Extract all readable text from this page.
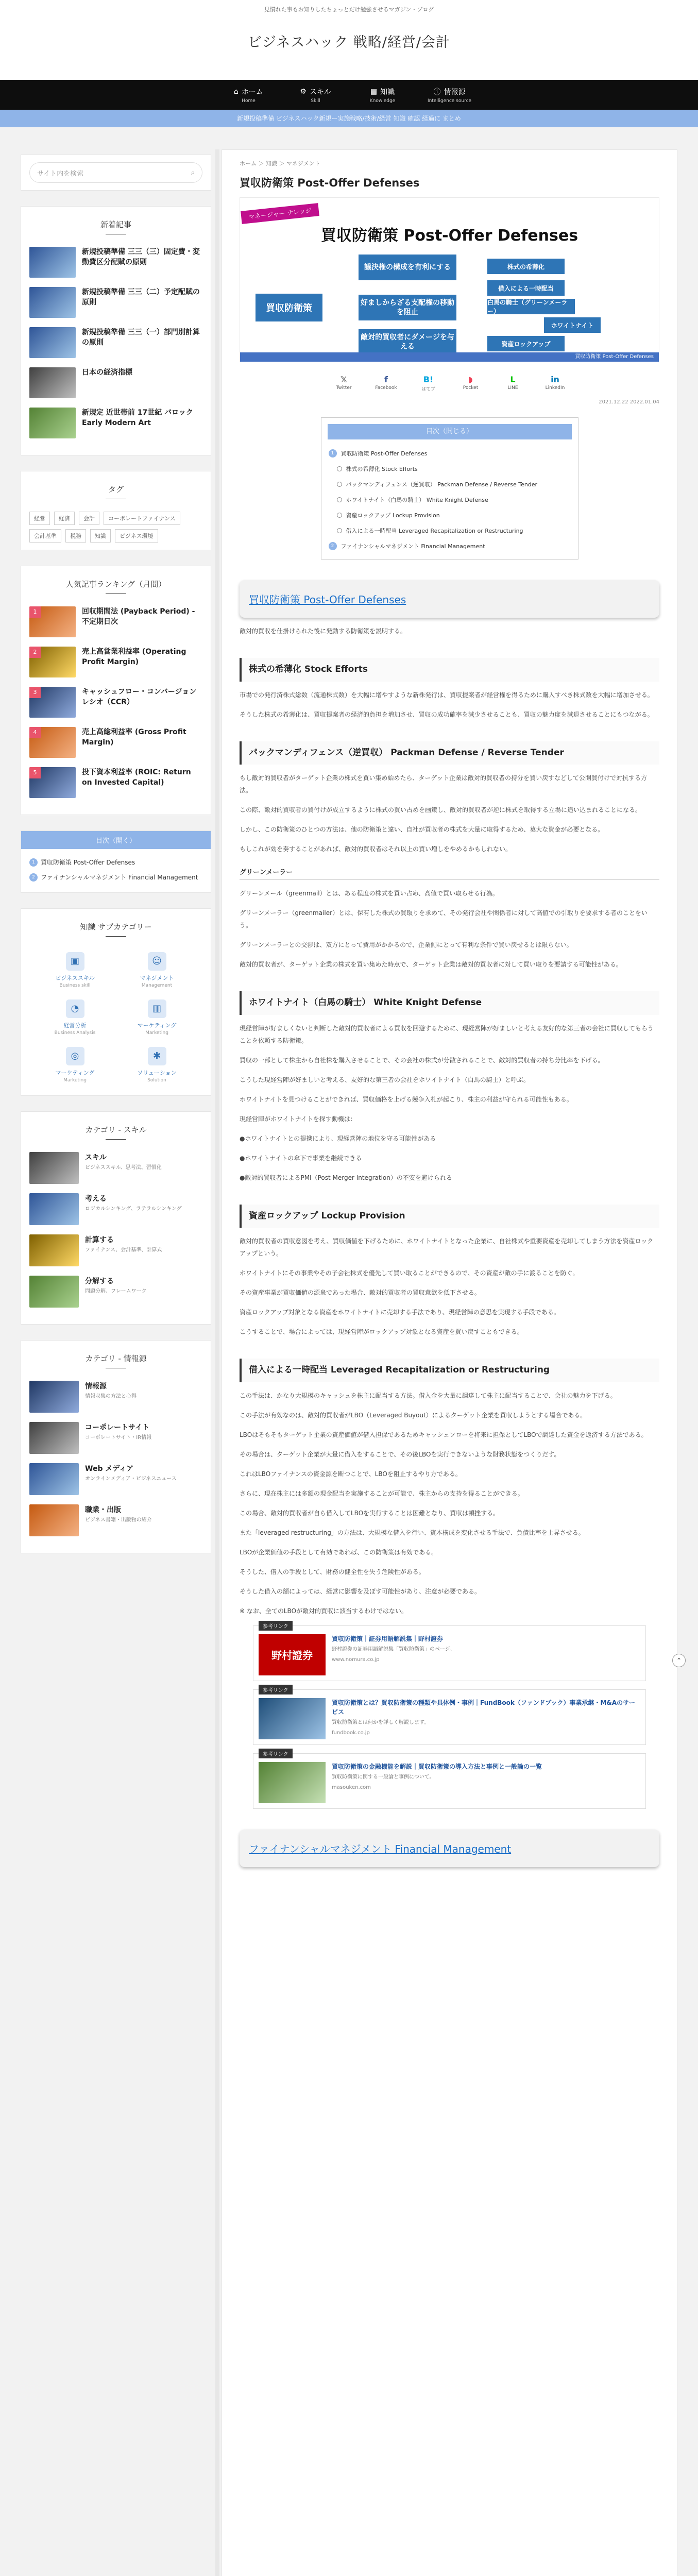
見慣れた事もお知りしたちょっとだけ勉強させるマガジン・ブログ
ビジネスハック 戦略/経営/会計
⌂ ホーム
Home
⚙ スキル
Skill
▤ 知識
Knowledge
ⓘ 情報源
Intelligence source
新規投稿準備 ビジネスハック新規ー実施戦略/技術/経営 知識 確認 経過に まとめ
サイト内を検索	⌕
新着記事
新規投稿準備 三三（三）固定費・変動費区分配賦の原則
新規投稿準備 三三（二）予定配賦の原則
新規投稿準備 三三（一）部門別計算の原則
日本の経済指標
新規定 近世帯前 17世紀 バロック Early Modern Art
タグ
経営	経済	会計	コーポレートファイナンス
会計基準	税務	知識	ビジネス環境
人気記事ランキング（月間）
1	回収期間法 (Payback Period) - 不定期日次
2	売上高営業利益率 (Operating Profit Margin)
3	キャッシュフロー・コンバージョンレシオ（CCR）
4	売上高総利益率 (Gross Profit Margin)
5	投下資本利益率 (ROIC: Return on Invested Capital)
目次（開く）
1 買収防衛策 Post-Offer Defenses
2 ファイナンシャルマネジメント Financial Management
知識 サブカテゴリー
▣
ビジネススキル
Business skill
☺
マネジメント
Management
◔
経営分析
Business Analysis
▥
マーケティング
Marketing
◎
マーケティング
Marketing
✱
ソリューション
Solution
カテゴリ - スキル
スキル
ビジネススキル、思考法、習慣化
考える
ロジカルシンキング、ラテラルシンキング
計算する
ファイナンス、会計基準、計算式
分解する
問題分解、フレームワーク
カテゴリ - 情報源
情報源
情報収集の方法と心得
コーポレートサイト
コーポレートサイト・IR情報
Web メディア
オンラインメディア・ビジネスニュース
職業・出版
ビジネス書籍・出版物の紹介
ホーム ＞ 知識 ＞ マネジメント
買収防衛策 Post-Offer Defenses
マネージャー ナレッジ
買収防衛策 Post-Offer Defenses
買収防衛策
議決権の構成を有利にする
好ましからざる支配権の移動を阻止
敵対的買収者にダメージを与える
株式の希薄化
借入による一時配当
白馬の騎士（グリーンメーラー）
ホワイトナイト
資産ロックアップ
買収防衛策 Post-Offer Defenses
𝕏
Twitter
f
Facebook
B!
はてブ
◗
Pocket
L
LINE
in
LinkedIn
2021.12.22 2022.01.04
目次（開じる）
1	買収防衛策 Post-Offer Defenses
株式の希薄化 Stock Efforts
パックマンディフェンス（逆買収） Packman Defense / Reverse Tender
ホワイトナイト（白馬の騎士） White Knight Defense
資産ロックアップ Lockup Provision
借入による一時配当 Leveraged Recapitalization or Restructuring
2	ファイナンシャルマネジメント Financial Management
買収防衛策 Post-Offer Defenses

敵対的買収を仕掛けられた後に発動する防衛策を説明する。

株式の希薄化 Stock Efforts

市場での発行済株式総数（流通株式数）を大幅に増やすような新株発行は、買収提案者が経営権を得るために購入すべき株式数を大幅に増加させる。

そうした株式の希薄化は、買収提案者の経済的負担を増加させ、買収の成功確率を減少させることも、買収の魅力度を減退させることにもつながる。

パックマンディフェンス（逆買収） Packman Defense / Reverse Tender

もし敵対的買収者がターゲット企業の株式を買い集め始めたら、ターゲット企業は敵対的買収者の持分を買い戻すなどして公開買付けで対抗する方法。

この際、敵対的買収者の買付けが成立するように株式の買い占めを画策し、敵対的買収者が逆に株式を取得する立場に追い込まれることになる。

しかし、この防衛策のひとつの方法は、他の防衛策と違い、自社が買収者の株式を大量に取得するため、莫大な資金が必要となる。

もしこれが効を奏することがあれば、敵対的買収者はそれ以上の買い増しをやめるかもしれない。

グリーンメーラー

グリーンメール（greenmail）とは、ある程度の株式を買い占め、高値で買い取らせる行為。

グリーンメーラー（greenmailer）とは、保有した株式の買取りを求めて、その発行会社や関係者に対して高値での引取りを要求する者のことをいう。

グリーンメーラーとの交渉は、双方にとって費用がかかるので、企業側にとって有利な条件で買い戻せるとは限らない。

敵対的買収者が、ターゲット企業の株式を買い集めた時点で、ターゲット企業は敵対的買収者に対して買い取りを要請する可能性がある。

ホワイトナイト（白馬の騎士） White Knight Defense

現経営陣が好ましくないと判断した敵対的買収者による買収を回避するために、現経営陣が好ましいと考える友好的な第三者の会社に買収してもらうことを依頼する防衛策。

買収の一部として株主から自社株を購入させることで、その会社の株式が分散されることで、敵対的買収者の持ち分比率を下げる。

こうした現経営陣が好ましいと考える、友好的な第三者の会社をホワイトナイト（白馬の騎士）と呼ぶ。

ホワイトナイトを見つけることができれば、買収価格を上げる競争入札が起こり、株主の利益が守られる可能性もある。

現経営陣がホワイトナイトを探す動機は：

●ホワイトナイトとの提携により、現経営陣の地位を守る可能性がある

●ホワイトナイトの傘下で事業を継続できる

●敵対的買収者によるPMI（Post Merger Integration）の不安を避けられる

資産ロックアップ Lockup Provision

敵対的買収者の買収意図を考え、買収価値を下げるために、ホワイトナイトとなった企業に、自社株式や重要資産を売却してしまう方法を資産ロックアップという。

ホワイトナイトにその事業やその子会社株式を優先して買い取ることができるので、その資産が敵の手に渡ることを防ぐ。

その資産事業が買収価値の源泉であった場合、敵対的買収者の買収意欲を低下させる。

資産ロックアップ対象となる資産をホワイトナイトに売却する手法であり、現経営陣の意思を実現する手段である。

こうすることで、場合によっては、現経営陣がロックアップ対象となる資産を買い戻すこともできる。

借入による一時配当 Leveraged Recapitalization or Restructuring

この手法は、かなり大規模のキャッシュを株主に配当する方法。借入金を大量に調達して株主に配当することで、会社の魅力を下げる。

この手法が有効なのは、敵対的買収者がLBO（Leveraged Buyout）によるターゲット企業を買収しようとする場合である。

LBOはそもそもターゲット企業の資産価値が借入担保であるためキャッシュフローを将来に担保としてLBOで調達した資金を返済する方法である。

その場合は、ターゲット企業が大量に借入をすることで、その後LBOを実行できないような財務状態をつくりだす。

これはLBOファイナンスの資金源を断つことで、LBOを阻止するやり方である。

さらに、現在株主には多額の現金配当を実施することが可能で、株主からの支持を得ることができる。

この場合、敵対的買収者が自ら借入してLBOを実行することは困難となり、買収は頓挫する。

また「leveraged restructuring」の方法は、大規模な借入を行い、資本構成を変化させる手法で、負債比率を上昇させる。

LBOが企業価値の手段として有効であれば、この防衛策は有効である。

そうした、借入の手段として、財務の健全性を失う危険性がある。

そうした借入の額によっては、経営に影響を及ぼす可能性があり、注意が必要である。

※ なお、全てのLBOが敵対的買収に該当するわけではない。

参考リンク
野村證券
買収防衛策｜証券用語解説集｜野村證券
野村證券の証券用語解説集「買収防衛策」のページ。
www.nomura.co.jp
参考リンク
買収防衛策とは？買収防衛策の種類や具体例・事例｜FundBook（ファンドブック）事業承継・M&Aのサービス
買収防衛策とは何かを詳しく解説します。
fundbook.co.jp
参考リンク
買収防衛策の金融機能を解説｜買収防衛策の導入方法と事例と一般論の一覧
買収防衛策に関する一般論と事例について。
masouken.com
ファイナンシャルマネジメント Financial Management
⌃
